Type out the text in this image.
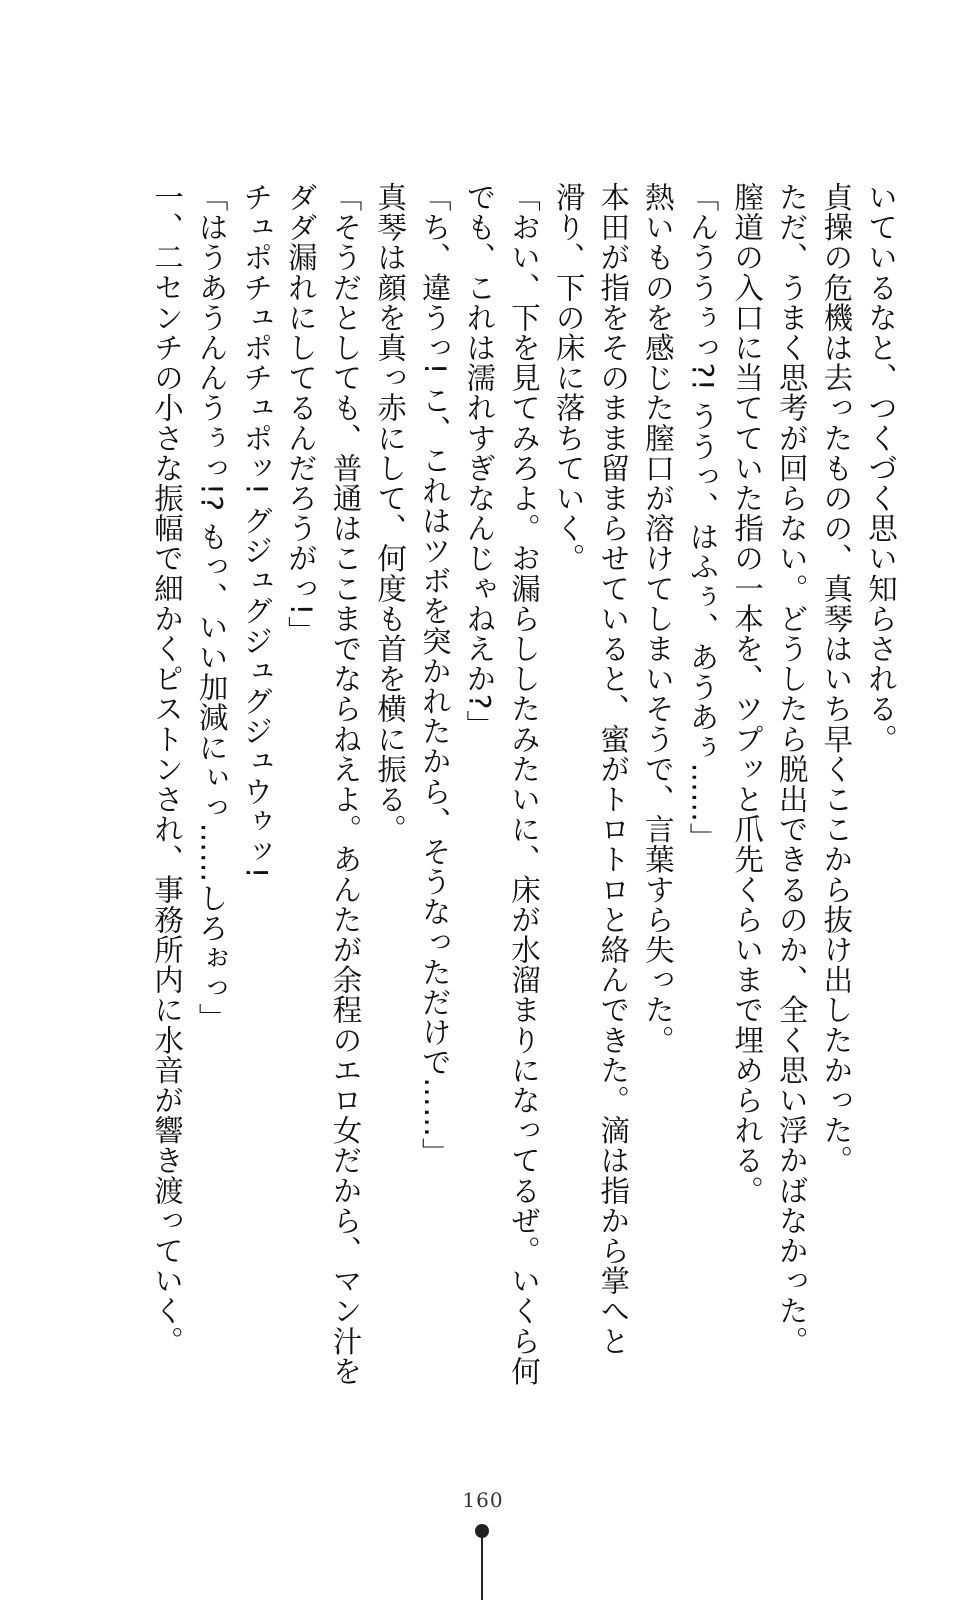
いているなと、つくづく思い知らされる。
貞操の危機は去ったものの、真琴はいち早くここから抜け出したかった。
ただ、うまく思考が回らない。どうしたら脱出できるのか、全く思い浮かばなかった。
膣道の入口に当てていた指の一本を、ツプッと爪先くらいまで埋められる。
「んううぅっ?! ううっ、はふぅ、あうあぅ……」
熱いものを感じた膣口が溶けてしまいそうで、言葉すら失った。
本田が指をそのまま留まらせていると、蜜がトロトロと絡んできた。滴は指から掌へと
滑り、下の床に落ちていく。
「おい、下を見てみろよ。お漏らししたみたいに、床が水溜まりになってるぜ。いくら何
でも、これは濡れすぎなんじゃねえか?」
「ち、違うっ! こ、これはツボを突かれたから、そうなっただけで……」
真琴は顔を真っ赤にして、何度も首を横に振る。
「そうだとしても、普通はここまでならねえよ。あんたが余程のエロ女だから、マン汁を
ダダ漏れにしてるんだろうがっ!」
チュポチュポチュポッ! グジュグジュグジュウゥッ!
「はうあうんんうぅっ!? もっ、いい加減にぃっ……しろぉっ」
一、二センチの小さな振幅で細かくピストンされ、事務所内に水音が響き渡っていく。
160
